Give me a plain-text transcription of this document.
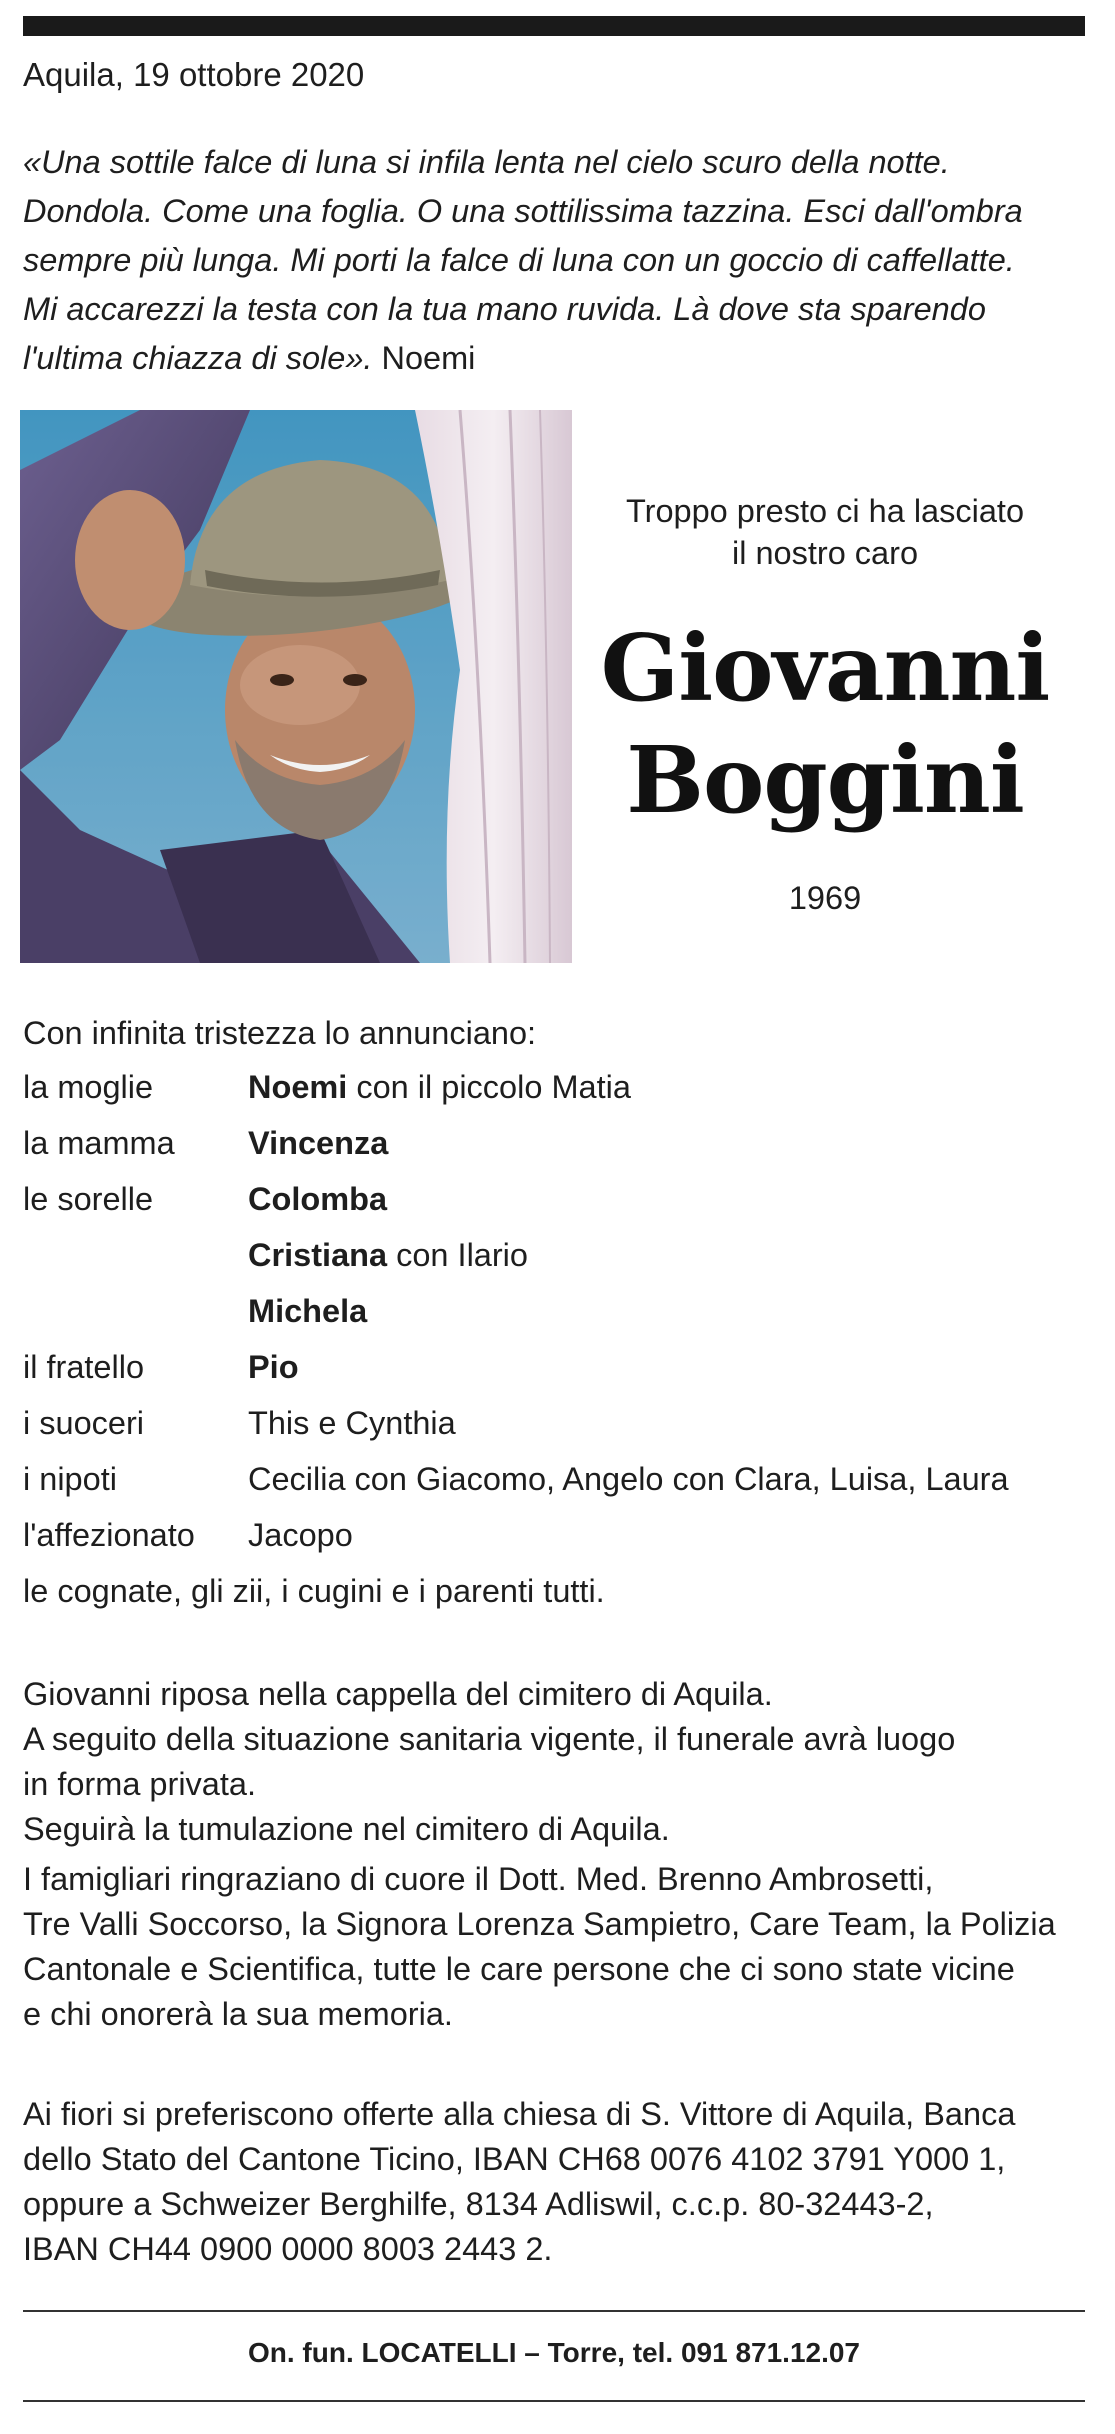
Aquila, 19 ottobre 2020

«Una sottile falce di luna si infila lenta nel cielo scuro della notte.
Dondola. Come una foglia. O una sottilissima tazzina. Esci dall'ombra
sempre più lunga. Mi porti la falce di luna con un goccio di caffellatte.
Mi accarezzi la testa con la tua mano ruvida. Là dove sta sparendo
l'ultima chiazza di sole». Noemi

Troppo presto ci ha lasciato
il nostro caro
Giovanni
Boggini
1969
Con infinita tristezza lo annunciano:
la moglie	Noemi con il piccolo Matia
la mamma	Vincenza
le sorelle	Colomba
Cristiana con Ilario
Michela
il fratello	Pio
i suoceri	This e Cynthia
i nipoti	Cecilia con Giacomo, Angelo con Clara, Luisa, Laura
l'affezionato	Jacopo
le cognate, gli zii, i cugini e i parenti tutti.

Giovanni riposa nella cappella del cimitero di Aquila.
A seguito della situazione sanitaria vigente, il funerale avrà luogo
in forma privata.
Seguirà la tumulazione nel cimitero di Aquila.

I famigliari ringraziano di cuore il Dott. Med. Brenno Ambrosetti,
Tre Valli Soccorso, la Signora Lorenza Sampietro, Care Team, la Polizia
Cantonale e Scientifica, tutte le care persone che ci sono state vicine
e chi onorerà la sua memoria.

Ai fiori si preferiscono offerte alla chiesa di S. Vittore di Aquila, Banca
dello Stato del Cantone Ticino, IBAN CH68 0076 4102 3791 Y000 1,
oppure a Schweizer Berghilfe, 8134 Adliswil, c.c.p. 80-32443-2,
IBAN CH44 0900 0000 8003 2443 2.

On. fun. LOCATELLI – Torre, tel. 091 871.12.07
